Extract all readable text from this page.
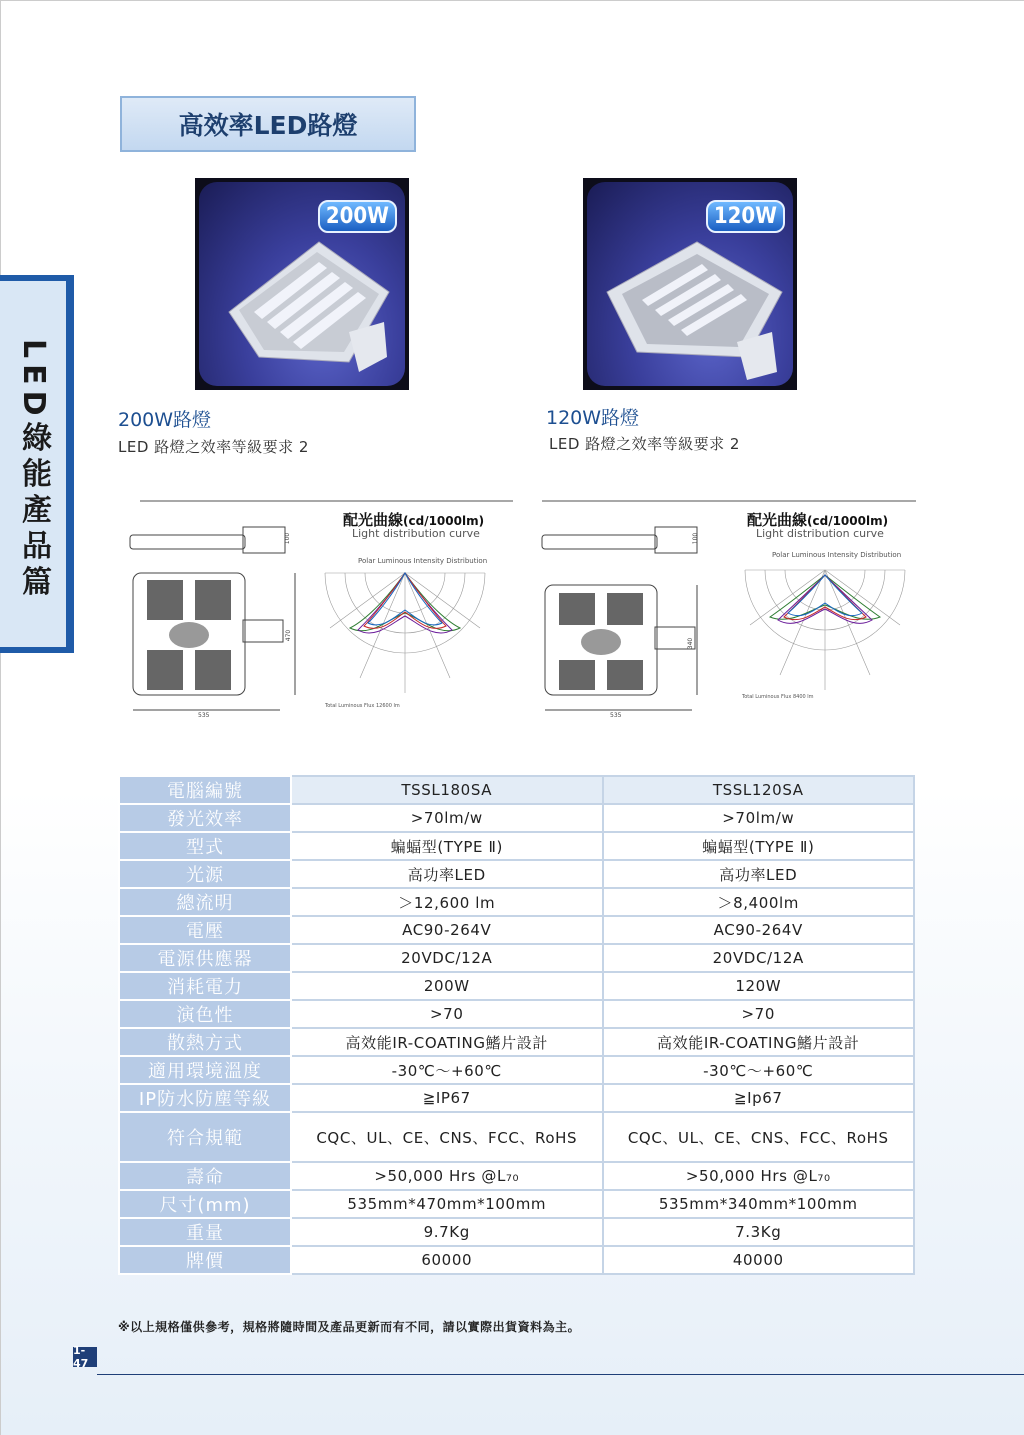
LED綠能產品篇
高效率LED路燈
200W	120W
200W路燈
LED 路燈之效率等級要求 2
120W路燈
LED 路燈之效率等級要求 2
535
470
100
配光曲線(cd/1000lm)
Light distribution curve
Polar Luminous Intensity Distribution
Total Luminous Flux 12600 lm
535
340
100
配光曲線(cd/1000lm)
Light distribution curve
Polar Luminous Intensity Distribution
Total Luminous Flux 8400 lm
電腦編號	TSSL180SA	TSSL120SA
發光效率	>70lm/w	>70lm/w
型式	蝙蝠型(TYPE Ⅱ)	蝙蝠型(TYPE Ⅱ)
光源	高功率LED	高功率LED
總流明	＞12,600 lm	＞8,400lm
電壓	AC90-264V	AC90-264V
電源供應器	20VDC/12A	20VDC/12A
消耗電力	200W	120W
演色性	>70	>70
散熱方式	高效能IR-COATING鰭片設計	高效能IR-COATING鰭片設計
適用環境溫度	-30℃～+60℃	-30℃～+60℃
IP防水防塵等級	≧IP67	≧Ip67
符合規範	CQC、UL、CE、CNS、FCC、RoHS	CQC、UL、CE、CNS、FCC、RoHS
壽命	>50,000 Hrs @L₇₀	>50,000 Hrs @L₇₀
尺寸(mm)	535mm*470mm*100mm	535mm*340mm*100mm
重量	9.7Kg	7.3Kg
牌價	60000	40000
※以上規格僅供參考，規格將隨時間及產品更新而有不同，請以實際出貨資料為主。
1-47
